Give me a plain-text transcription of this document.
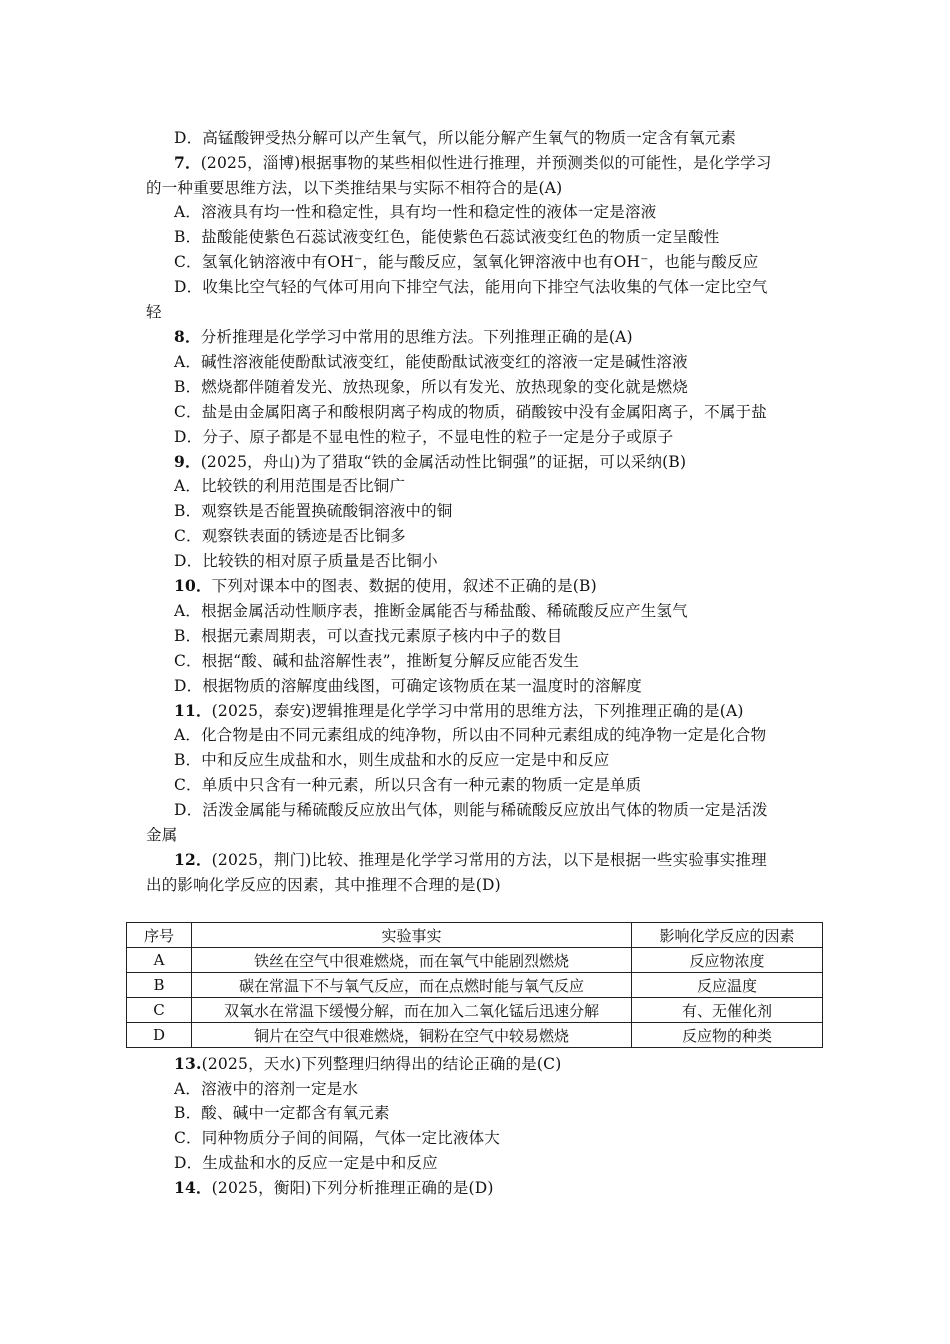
D．高锰酸钾受热分解可以产生氧气，所以能分解产生氧气的物质一定含有氧元素
7．(2025，淄博)根据事物的某些相似性进行推理，并预测类似的可能性，是化学学习
的一种重要思维方法，以下类推结果与实际不相符合的是(A)
A．溶液具有均一性和稳定性，具有均一性和稳定性的液体一定是溶液
B．盐酸能使紫色石蕊试液变红色，能使紫色石蕊试液变红色的物质一定呈酸性
C．氢氧化钠溶液中有OH⁻，能与酸反应，氢氧化钾溶液中也有OH⁻，也能与酸反应
D．收集比空气轻的气体可用向下排空气法，能用向下排空气法收集的气体一定比空气
轻
8．分析推理是化学学习中常用的思维方法。下列推理正确的是(A)
A．碱性溶液能使酚酞试液变红，能使酚酞试液变红的溶液一定是碱性溶液
B．燃烧都伴随着发光、放热现象，所以有发光、放热现象的变化就是燃烧
C．盐是由金属阳离子和酸根阴离子构成的物质，硝酸铵中没有金属阳离子，不属于盐
D．分子、原子都是不显电性的粒子，不显电性的粒子一定是分子或原子
9．(2025，舟山)为了猎取“铁的金属活动性比铜强”的证据，可以采纳(B)
A．比较铁的利用范围是否比铜广
B．观察铁是否能置换硫酸铜溶液中的铜
C．观察铁表面的锈迹是否比铜多
D．比较铁的相对原子质量是否比铜小
10．下列对课本中的图表、数据的使用，叙述不正确的是(B)
A．根据金属活动性顺序表，推断金属能否与稀盐酸、稀硫酸反应产生氢气
B．根据元素周期表，可以查找元素原子核内中子的数目
C．根据“酸、碱和盐溶解性表”，推断复分解反应能否发生
D．根据物质的溶解度曲线图，可确定该物质在某一温度时的溶解度
11．(2025，泰安)逻辑推理是化学学习中常用的思维方法，下列推理正确的是(A)
A．化合物是由不同元素组成的纯净物，所以由不同种元素组成的纯净物一定是化合物
B．中和反应生成盐和水，则生成盐和水的反应一定是中和反应
C．单质中只含有一种元素，所以只含有一种元素的物质一定是单质
D．活泼金属能与稀硫酸反应放出气体，则能与稀硫酸反应放出气体的物质一定是活泼
金属
12．(2025，荆门)比较、推理是化学学习常用的方法，以下是根据一些实验事实推理
出的影响化学反应的因素，其中推理不合理的是(D)
序号	实验事实	影响化学反应的因素
A	铁丝在空气中很难燃烧，而在氧气中能剧烈燃烧	反应物浓度
B	碳在常温下不与氧气反应，而在点燃时能与氧气反应	反应温度
C	双氧水在常温下缓慢分解，而在加入二氧化锰后迅速分解	有、无催化剂
D	铜片在空气中很难燃烧，铜粉在空气中较易燃烧	反应物的种类
13.(2025，天水)下列整理归纳得出的结论正确的是(C)
A．溶液中的溶剂一定是水
B．酸、碱中一定都含有氧元素
C．同种物质分子间的间隔，气体一定比液体大
D．生成盐和水的反应一定是中和反应
14．(2025，衡阳)下列分析推理正确的是(D)
